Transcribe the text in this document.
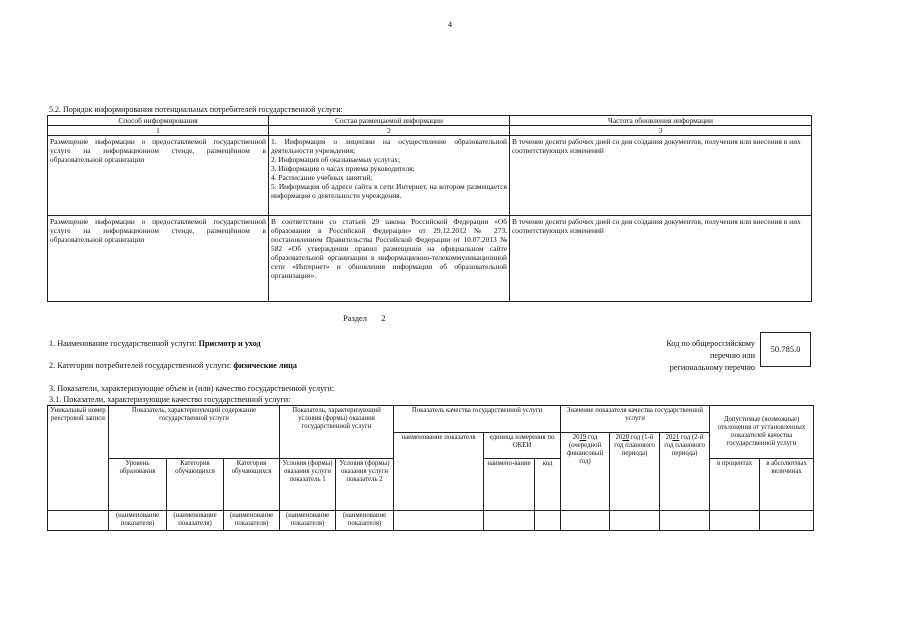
4
5.2. Порядок информирования потенциальных потребителей государственной услуги:
Способ информирования	Состав размещаемой информации	Частота обновления информации
1	2	3
Размещение информации о предоставляемой государственной услуге на информационном стенде, размещённом в образовательной организации	1. Информация о лицензии на осуществление образовательной деятельности учреждения;
2. Информация об оказываемых услугах;
3. Информация о часах приема руководителя;
4. Расписание учебных занятий;
5. Информация об адресе сайта в сети Интернет, на котором размещается информация о деятельности учреждения.	В течение десяти рабочих дней со дня создания документов, получения или внесения в них соответствующих изменений
Размещение информации о предоставляемой государственной услуге на информационном стенде, размещённом в образовательной организации	В соответствии со статьей 29 закона Российской Федерации «Об образовании в Российской Федерации» от 29.12.2012 № 273, постановлением Правительства Российской Федерации от 10.07.2013 № 582 «Об утверждении правил размещения на официальном сайте образовательной организации в информационно-телекоммуникационной сети «Интернет» и обновления информации об образовательной организации».	В течение десяти рабочих дней со дня создания документов, получения или внесения в них соответствующих изменений
Раздел 2
1. Наименование государственной услуги: Присмотр и уход
2. Категории потребителей государственной услуги: физические лица
Код по общероссийскому
перечню или
региональному перечню
50.785.0
3. Показатели, характеризующие объем и (или) качество государственной услуги:
3.1. Показатели, характеризующие качество государственной услуги:
Уникальный номер реестровой записи	Показатель, характеризующий содержание государственной услуги			Показатель, характеризующий условия (формы) оказания государственной услуги		Показатель качества государственной услуги			Значение показателя качества государственной услуги			Допустимые (возможные) отклонения от установленных показателей качества государственной услуги	
						наименование показателя	единица измерения по ОКЕИ		2019 год (очередной финансовый год)	2020 год (1-й год планового периода)	2021 год (2-й год планового периода)		
	Уровень образования	Категория обучающихся	Категория обучающихся	Условия (формы) оказания услуги показатель 1	Условия (формы) оказания услуги показатель 2		наимено-вание	код				в процентах	в абсолютных величинах
	(наименование показателя)	(наименование показателя)	(наименование показателя)	(наименование показателя)	(наименование показателя)								
